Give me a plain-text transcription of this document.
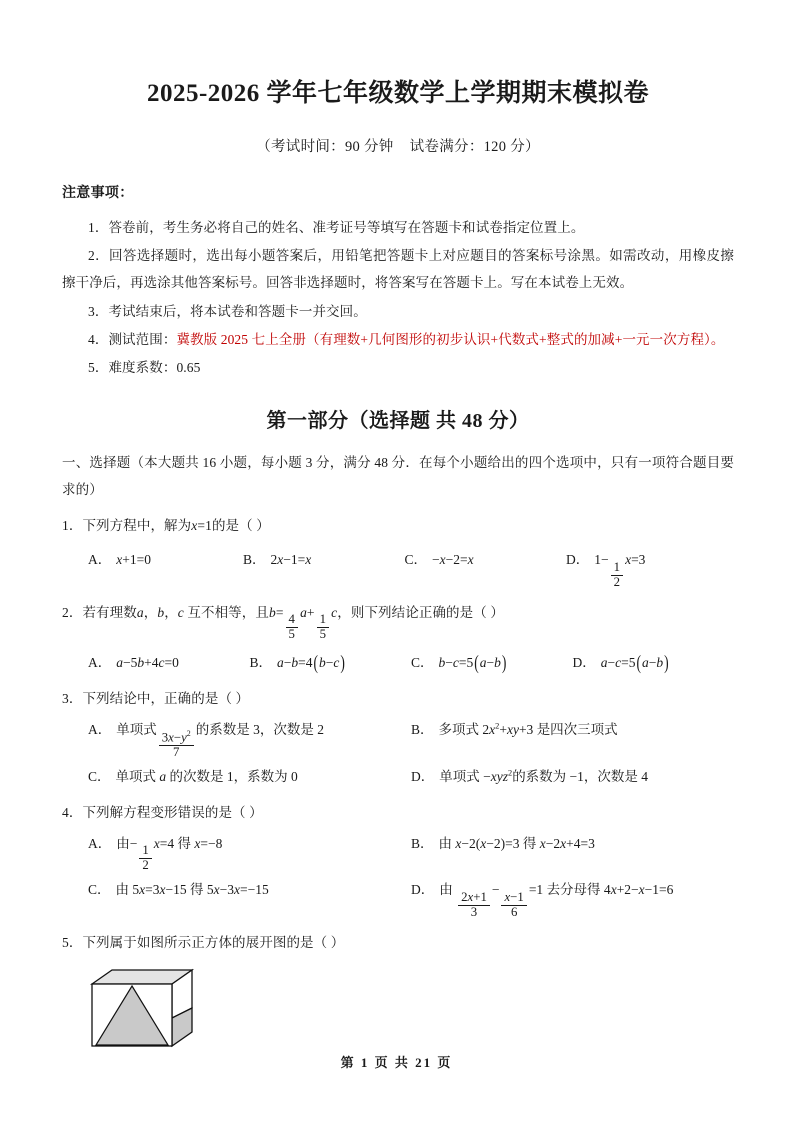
2025-2026 学年七年级数学上学期期末模拟卷
（考试时间：90 分钟 试卷满分：120 分）
注意事项：

1．答卷前，考生务必将自己的姓名、准考证号等填写在答题卡和试卷指定位置上。

2．回答选择题时，选出每小题答案后，用铅笔把答题卡上对应题目的答案标号涂黑。如需改动，用橡皮擦擦干净后，再选涂其他答案标号。回答非选择题时，将答案写在答题卡上。写在本试卷上无效。

3．考试结束后，将本试卷和答题卡一并交回。

4．测试范围：冀教版 2025 七上全册（有理数+几何图形的初步认识+代数式+整式的加减+一元一次方程）。

5．难度系数：0.65

第一部分（选择题 共 48 分）

一、选择题（本大题共 16 小题，每小题 3 分，满分 48 分．在每个小题给出的四个选项中，只有一项符合题目要求的）

1．下列方程中，解为x=1的是（ ）

A． x+1=0	B． 2x−1=x	C． −x−2=x	D． 1−
$\frac{1}{2}$
x=3

2．若有理数a，b，c 互不相等，且b=
$\frac{4}{5}$
a+
$\frac{1}{5}$
c，则下列结论正确的是（ ）

A． a−5b+4c=0	B． a−b=4(b−c)	C． b−c=5(a−b)	D． a−c=5(a−b)

3．下列结论中，正确的是（ ）

A． 单项式 $\frac{3x-y^2}{7}$ 的系数是 3，次数是 2	B． 多项式 $2x^2+xy+3$ 是四次三项式
C． 单项式 a 的次数是 1，系数为 0	D． 单项式 −xyz$^2$的系数为 −1，次数是 4

4．下列解方程变形错误的是（ ）

A． 由−
$\frac{1}{2}$
x=4 得 x=−8	B． 由 x−2(x−2)=3 得 x−2x+4=3
C． 由 5x=3x−15 得 5x−3x=−15	D． 由
$\frac{2x+1}{3}$
−
$\frac{x-1}{6}$
=1 去分母得 4x+2−x−1=6

5．下列属于如图所示正方体的展开图的是（ ）

第 1 页 共 21 页
